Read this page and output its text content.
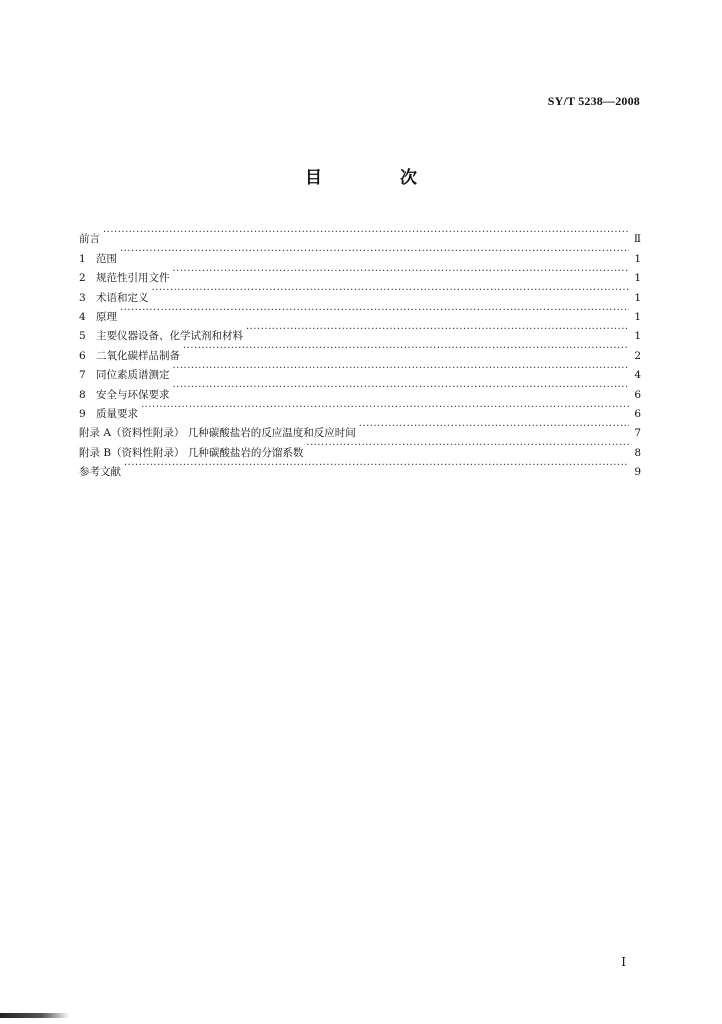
SY/T 5238—2008
目 次
前言 ·····	Ⅱ
1 范围 ·····	1
2 规范性引用文件 ·····	1
3 术语和定义 ·····	1
4 原理 ·····	1
5 主要仪器设备、化学试剂和材料 ·····	1
6 二氧化碳样品制备 ·····	2
7 同位素质谱测定 ·····	4
8 安全与环保要求 ·····	6
9 质量要求 ·····	6
附录 A（资料性附录） 几种碳酸盐岩的反应温度和反应时间 ·····	7
附录 B（资料性附录） 几种碳酸盐岩的分馏系数 ·····	8
参考文献 ·····	9
I
